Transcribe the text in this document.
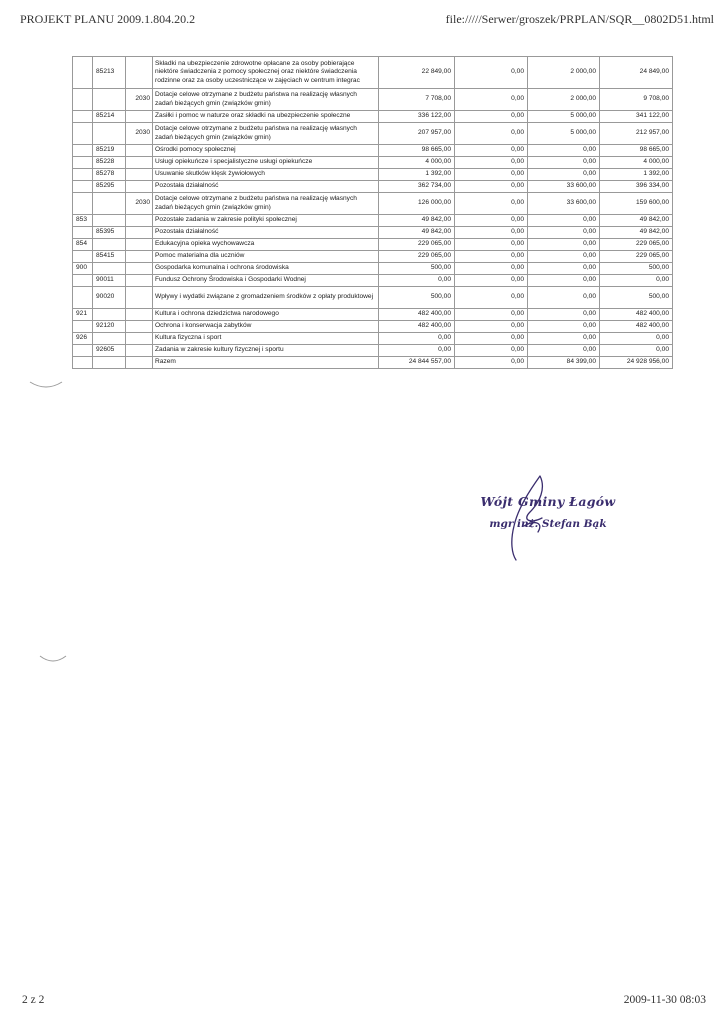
PROJEKT PLANU 2009.1.804.20.2	file://///Serwer/groszek/PRPLAN/SQR__0802D51.html
	85213		Składki na ubezpieczenie zdrowotne opłacane za osoby pobierające niektóre świadczenia z pomocy społecznej oraz niektóre świadczenia rodzinne oraz za osoby uczestniczące w zajęciach w centrum integrac	22 849,00	0,00	2 000,00	24 849,00
		2030	Dotacje celowe otrzymane z budżetu państwa na realizację własnych zadań bieżących gmin (związków gmin)	7 708,00	0,00	2 000,00	9 708,00
	85214		Zasiłki i pomoc w naturze oraz składki na ubezpieczenie społeczne	336 122,00	0,00	5 000,00	341 122,00
		2030	Dotacje celowe otrzymane z budżetu państwa na realizację własnych zadań bieżących gmin (związków gmin)	207 957,00	0,00	5 000,00	212 957,00
	85219		Ośrodki pomocy społecznej	98 665,00	0,00	0,00	98 665,00
	85228		Usługi opiekuńcze i specjalistyczne usługi opiekuńcze	4 000,00	0,00	0,00	4 000,00
	85278		Usuwanie skutków klęsk żywiołowych	1 392,00	0,00	0,00	1 392,00
	85295		Pozostała działalność	362 734,00	0,00	33 600,00	396 334,00
		2030	Dotacje celowe otrzymane z budżetu państwa na realizację własnych zadań bieżących gmin (związków gmin)	126 000,00	0,00	33 600,00	159 600,00
853			Pozostałe zadania w zakresie polityki społecznej	49 842,00	0,00	0,00	49 842,00
	85395		Pozostała działalność	49 842,00	0,00	0,00	49 842,00
854			Edukacyjna opieka wychowawcza	229 065,00	0,00	0,00	229 065,00
	85415		Pomoc materialna dla uczniów	229 065,00	0,00	0,00	229 065,00
900			Gospodarka komunalna i ochrona środowiska	500,00	0,00	0,00	500,00
	90011		Fundusz Ochrony Środowiska i Gospodarki Wodnej	0,00	0,00	0,00	0,00
	90020		Wpływy i wydatki związane z gromadzeniem środków z opłaty produktowej	500,00	0,00	0,00	500,00
921			Kultura i ochrona dziedzictwa narodowego	482 400,00	0,00	0,00	482 400,00
	92120		Ochrona i konserwacja zabytków	482 400,00	0,00	0,00	482 400,00
926			Kultura fizyczna i sport	0,00	0,00	0,00	0,00
	92605		Zadania w zakresie kultury fizycznej i sportu	0,00	0,00	0,00	0,00
			Razem	24 844 557,00	0,00	84 399,00	24 928 956,00
Wójt Gminy Łagów
mgr inż. Stefan Bąk
2 z 2	2009-11-30 08:03
